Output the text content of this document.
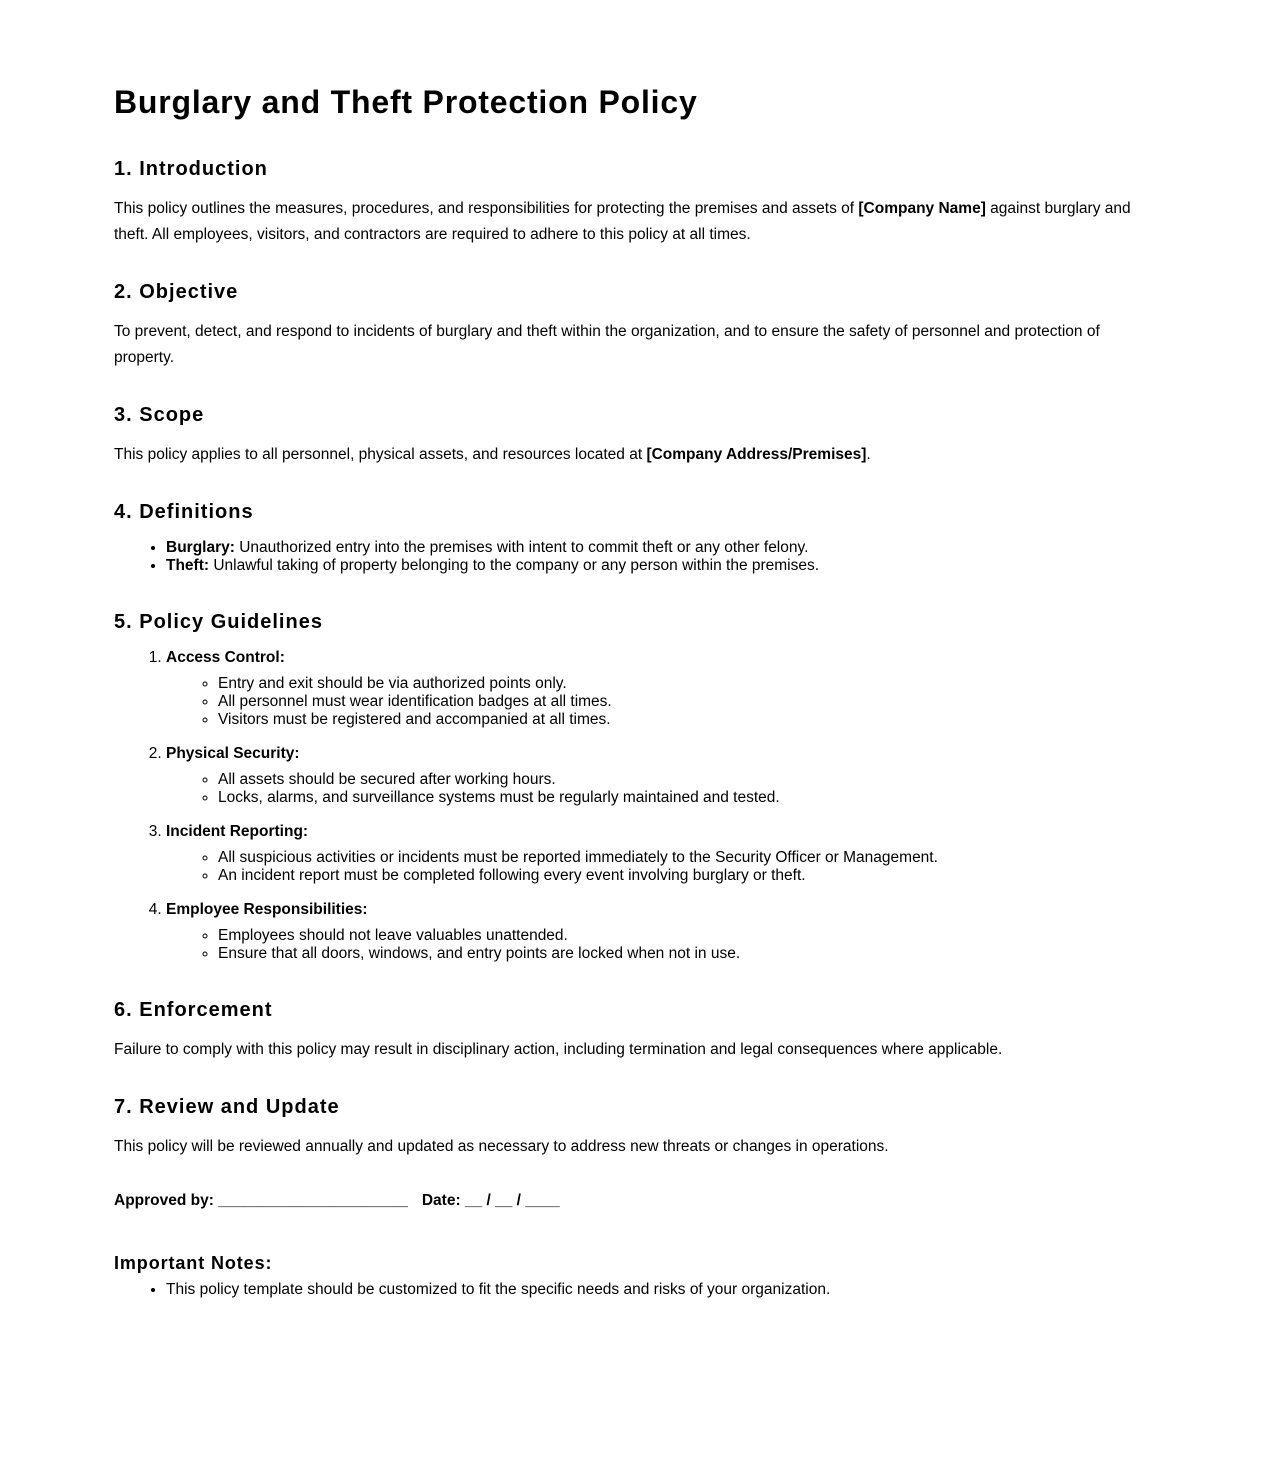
Burglary and Theft Protection Policy
1. Introduction

This policy outlines the measures, procedures, and responsibilities for protecting the premises and assets of [Company Name] against burglary and theft. All employees, visitors, and contractors are required to adhere to this policy at all times.

2. Objective

To prevent, detect, and respond to incidents of burglary and theft within the organization, and to ensure the safety of personnel and protection of property.

3. Scope

This policy applies to all personnel, physical assets, and resources located at [Company Address/Premises].

4. Definitions
• Burglary: Unauthorized entry into the premises with intent to commit theft or any other felony.
• Theft: Unlawful taking of property belonging to the company or any person within the premises.
5. Policy Guidelines
1. Access Control:
◦ Entry and exit should be via authorized points only.
◦ All personnel must wear identification badges at all times.
◦ Visitors must be registered and accompanied at all times.
2. Physical Security:
◦ All assets should be secured after working hours.
◦ Locks, alarms, and surveillance systems must be regularly maintained and tested.
3. Incident Reporting:
◦ All suspicious activities or incidents must be reported immediately to the Security Officer or Management.
◦ An incident report must be completed following every event involving burglary or theft.
4. Employee Responsibilities:
◦ Employees should not leave valuables unattended.
◦ Ensure that all doors, windows, and entry points are locked when not in use.
6. Enforcement

Failure to comply with this policy may result in disciplinary action, including termination and legal consequences where applicable.

7. Review and Update

This policy will be reviewed annually and updated as necessary to address new threats or changes in operations.

Approved by: ______________________ Date: __ / __ / ____
Important Notes:
• This policy template should be customized to fit the specific needs and risks of your organization.
